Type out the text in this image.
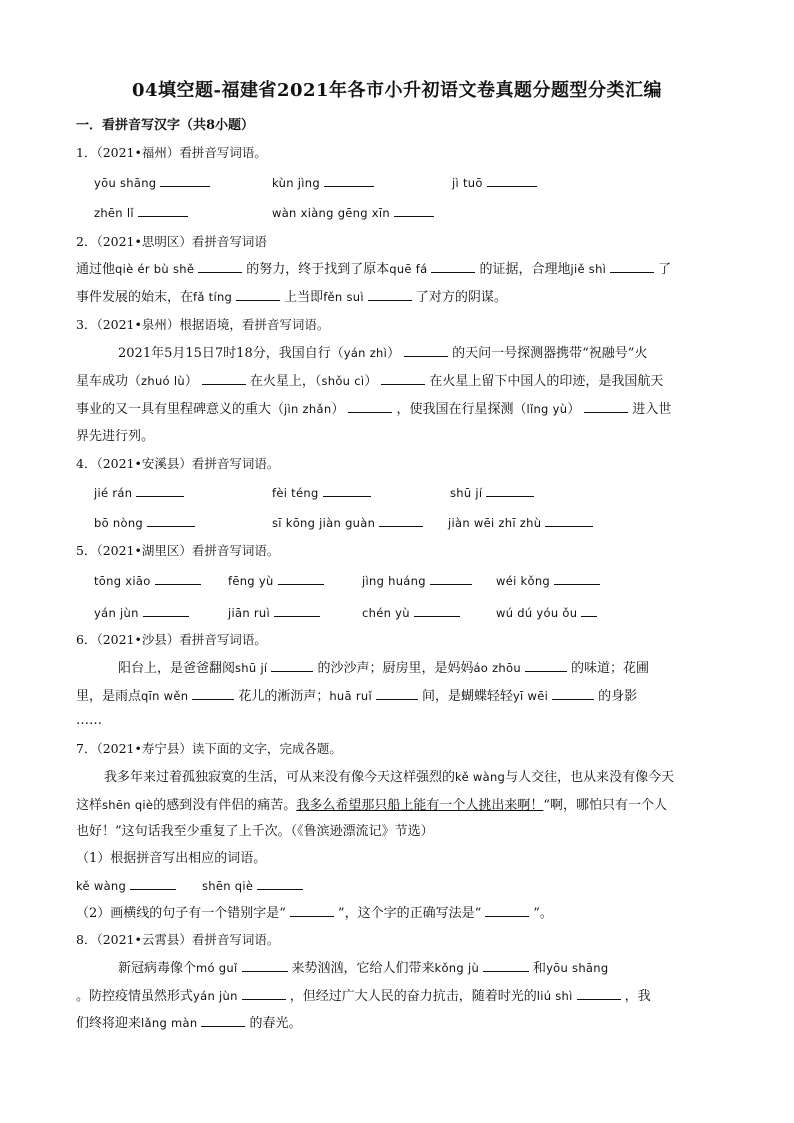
04填空题-福建省2021年各市小升初语文卷真题分题型分类汇编
一．看拼音写汉字（共8小题）
1．（2021•福州）看拼音写词语。
yōu shāng	kùn jìng	jì tuō
zhēn lǐ	wàn xiàng gēng xīn
2．（2021•思明区）看拼音写词语
通过他qiè ér bù shě	的努力，终于找到了原本quē fá	的证据，合理地jiě shì	了
事件发展的始末，在fǎ tíng	上当即fěn suì	了对方的阴谋。
3．（2021•泉州）根据语境，看拼音写词语。
2021年5月15日7时18分，我国自行（yán zhì）	的天问一号探测器携带“祝融号”火
星车成功（zhuó lù）	在火星上，（shǒu cì）	在火星上留下中国人的印迹，是我国航天
事业的又一具有里程碑意义的重大（jìn zhǎn）	，使我国在行星探测（lǐng yù）	进入世
界先进行列。
4．（2021•安溪县）看拼音写词语。
jié rán	fèi téng	shū jí
bō nòng	sī kōng jiàn guàn	jiàn wēi zhī zhù
5．（2021•湖里区）看拼音写词语。
tōng xiāo	fēng yù	jìng huáng	wéi kǒng
yán jùn	jiān ruì	chén yù	wú dú yóu ǒu
6．（2021•沙县）看拼音写词语。
阳台上，是爸爸翻阅shū jí	的沙沙声；厨房里，是妈妈áo zhōu	的味道；花圃
里，是雨点qīn wěn	花儿的淅沥声；huā ruǐ	间，是蝴蝶轻轻yī wēi	的身影
……
7．（2021•寿宁县）读下面的文字，完成各题。
我多年来过着孤独寂寞的生活，可从来没有像今天这样强烈的kě wàng与人交往，也从来没有像今天
这样shēn qiè的感到没有伴侣的痛苦。我多么希望那只船上能有一个人挑出来啊！“啊，哪怕只有一个人
也好！”这句话我至少重复了上千次。（《鲁滨逊漂流记》节选）
（1）根据拼音写出相应的词语。
kě wàng	shēn qiè
（2）画横线的句子有一个错别字是“	”，这个字的正确写法是“	”。
8．（2021•云霄县）看拼音写词语。
新冠病毒像个mó guǐ	来势汹汹，它给人们带来kǒng jù	和yōu shāng
。防控疫情虽然形式yán jùn	，但经过广大人民的奋力抗击，随着时光的liú shì	，我
们终将迎来lǎng màn	的春光。
